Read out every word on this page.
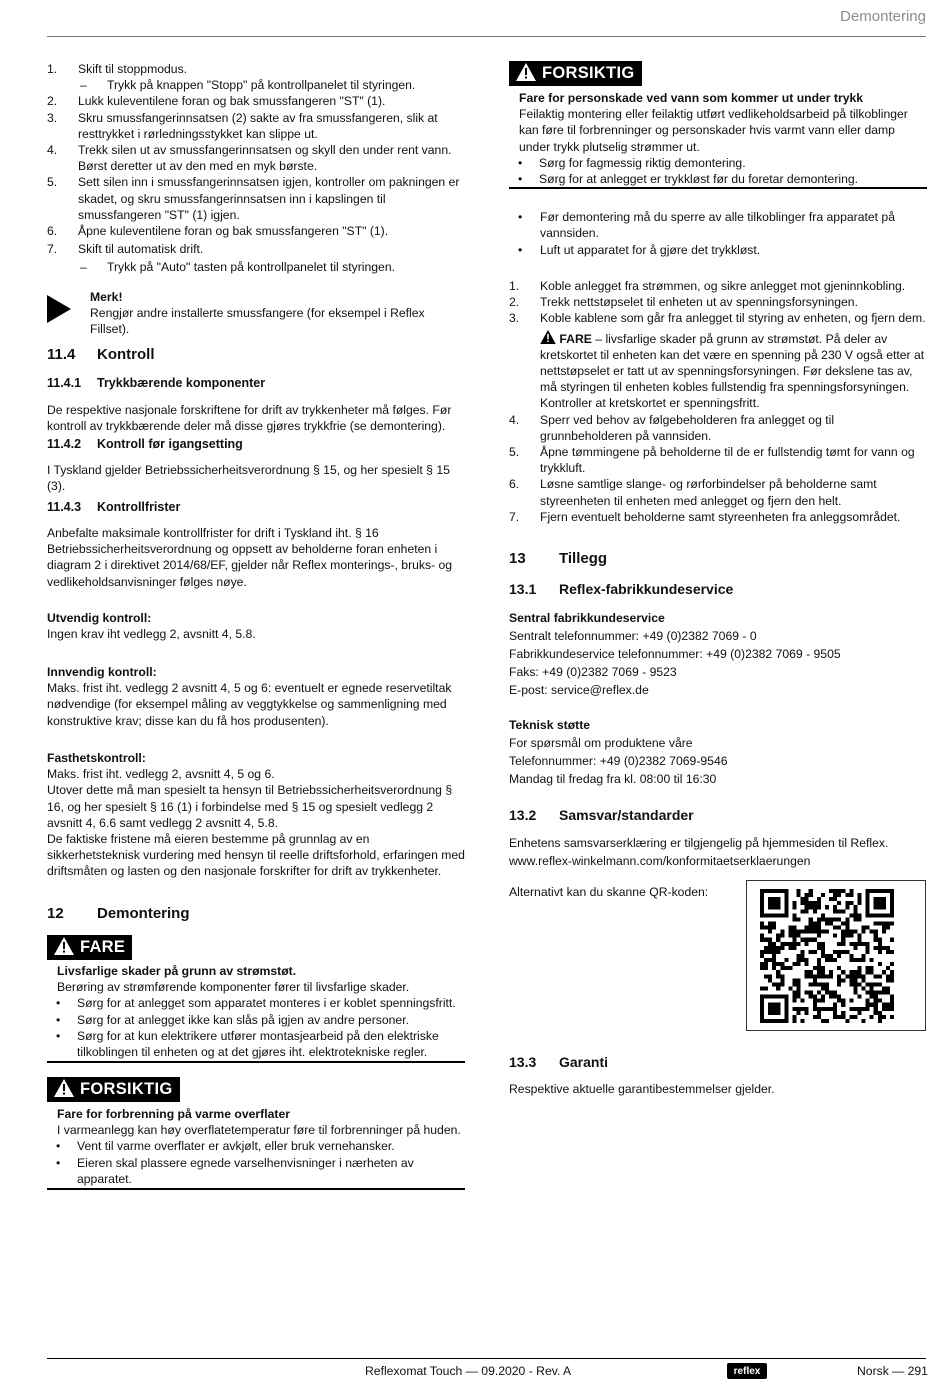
Demontering
1. Skift til stoppmodus.
– Trykk på knappen "Stopp" på kontrollpanelet til styringen.
2. Lukk kuleventilene foran og bak smussfangeren "ST" (1).
3. Skru smussfangerinnsatsen (2) sakte av fra smussfangeren, slik at resttrykket i rørledningsstykket kan slippe ut.
4. Trekk silen ut av smussfangerinnsatsen og skyll den under rent vann. Børst deretter ut av den med en myk børste.
5. Sett silen inn i smussfangerinnsatsen igjen, kontroller om pakningen er skadet, og skru smussfangerinnsatsen inn i kapslingen til smussfangeren "ST" (1) igjen.
6. Åpne kuleventilene foran og bak smussfangeren "ST" (1).
7. Skift til automatisk drift.
– Trykk på "Auto" tasten på kontrollpanelet til styringen.
Merk!
Rengjør andre installerte smussfangere (for eksempel i Reflex Fillset).
11.4 Kontroll
11.4.1 Trykkbærende komponenter
De respektive nasjonale forskriftene for drift av trykkenheter må følges. Før kontroll av trykkbærende deler må disse gjøres trykkfrie (se demontering).
11.4.2 Kontroll før igangsetting
I Tyskland gjelder Betriebssicherheitsverordnung § 15, og her spesielt § 15 (3).
11.4.3 Kontrollfrister
Anbefalte maksimale kontrollfrister for drift i Tyskland iht. § 16 Betriebssicherheitsverordnung og oppsett av beholderne foran enheten i diagram 2 i direktivet 2014/68/EF, gjelder når Reflex monterings-, bruks- og vedlikeholdsanvisninger følges nøye.
Utvendig kontroll:
Ingen krav iht vedlegg 2, avsnitt 4, 5.8.
Innvendig kontroll:
Maks. frist iht. vedlegg 2 avsnitt 4, 5 og 6: eventuelt er egnede reservetiltak nødvendige (for eksempel måling av veggtykkelse og sammenligning med konstruktive krav; disse kan du få hos produsenten).
Fasthetskontroll:
Maks. frist iht. vedlegg 2, avsnitt 4, 5 og 6.
Utover dette må man spesielt ta hensyn til Betriebssicherheitsverordnung § 16, og her spesielt § 16 (1) i forbindelse med § 15 og spesielt vedlegg 2 avsnitt 4, 6.6 samt vedlegg 2 avsnitt 4, 5.8.
De faktiske fristene må eieren bestemme på grunnlag av en sikkerhetsteknisk vurdering med hensyn til reelle driftsforhold, erfaringen med driftsmåten og lasten og den nasjonale forskrifter for drift av trykkenheter.
12 Demontering
FARE
Livsfarlige skader på grunn av strømstøt.
Berøring av strømførende komponenter fører til livsfarlige skader.
• Sørg for at anlegget som apparatet monteres i er koblet spenningsfritt.
• Sørg for at anlegget ikke kan slås på igjen av andre personer.
• Sørg for at kun elektrikere utfører montasjearbeid på den elektriske tilkoblingen til enheten og at det gjøres iht. elektrotekniske regler.
FORSIKTIG
Fare for forbrenning på varme overflater
I varmeanlegg kan høy overflatetemperatur føre til forbrenninger på huden.
• Vent til varme overflater er avkjølt, eller bruk vernehansker.
• Eieren skal plassere egnede varselhenvisninger i nærheten av apparatet.
FORSIKTIG
Fare for personskade ved vann som kommer ut under trykk
Feilaktig montering eller feilaktig utført vedlikeholdsarbeid på tilkoblinger kan føre til forbrenninger og personskader hvis varmt vann eller damp under trykk plutselig strømmer ut.
• Sørg for fagmessig riktig demontering.
• Sørg for at anlegget er trykkløst før du foretar demontering.
• Før demontering må du sperre av alle tilkoblinger fra apparatet på vannsiden.
• Luft ut apparatet for å gjøre det trykkløst.
1. Koble anlegget fra strømmen, og sikre anlegget mot gjeninnkobling.
2. Trekk nettstøpselet til enheten ut av spenningsforsyningen.
3. Koble kablene som går fra anlegget til styring av enheten, og fjern dem.
FARE – livsfarlige skader på grunn av strømstøt. På deler av kretskortet til enheten kan det være en spenning på 230 V også etter at nettstøpselet er tatt ut av spenningsforsyningen. Før dekslene tas av, må styringen til enheten kobles fullstendig fra spenningsforsyningen. Kontroller at kretskortet er spenningsfritt.
4. Sperr ved behov av følgebeholderen fra anlegget og til grunnbeholderen på vannsiden.
5. Åpne tømmingene på beholderne til de er fullstendig tømt for vann og trykkluft.
6. Løsne samtlige slange- og rørforbindelser på beholderne samt styreenheten til enheten med anlegget og fjern den helt.
7. Fjern eventuelt beholderne samt styreenheten fra anleggsområdet.
13 Tillegg
13.1 Reflex-fabrikkundeservice
Sentral fabrikkundeservice
Sentralt telefonnummer: +49 (0)2382 7069 - 0
Fabrikkundeservice telefonnummer: +49 (0)2382 7069 - 9505
Faks: +49 (0)2382 7069 - 9523
E-post: service@reflex.de
Teknisk støtte
For spørsmål om produktene våre
Telefonnummer: +49 (0)2382 7069-9546
Mandag til fredag fra kl. 08:00 til 16:30
13.2 Samsvar/standarder
Enhetens samsvarserklæring er tilgjengelig på hjemmesiden til Reflex.
www.reflex-winkelmann.com/konformitaetserklaerungen
Alternativt kan du skanne QR-koden:
13.3 Garanti
Respektive aktuelle garantibestemmelser gjelder.
Reflexomat Touch — 09.2020 - Rev. A	reflex	Norsk — 291
